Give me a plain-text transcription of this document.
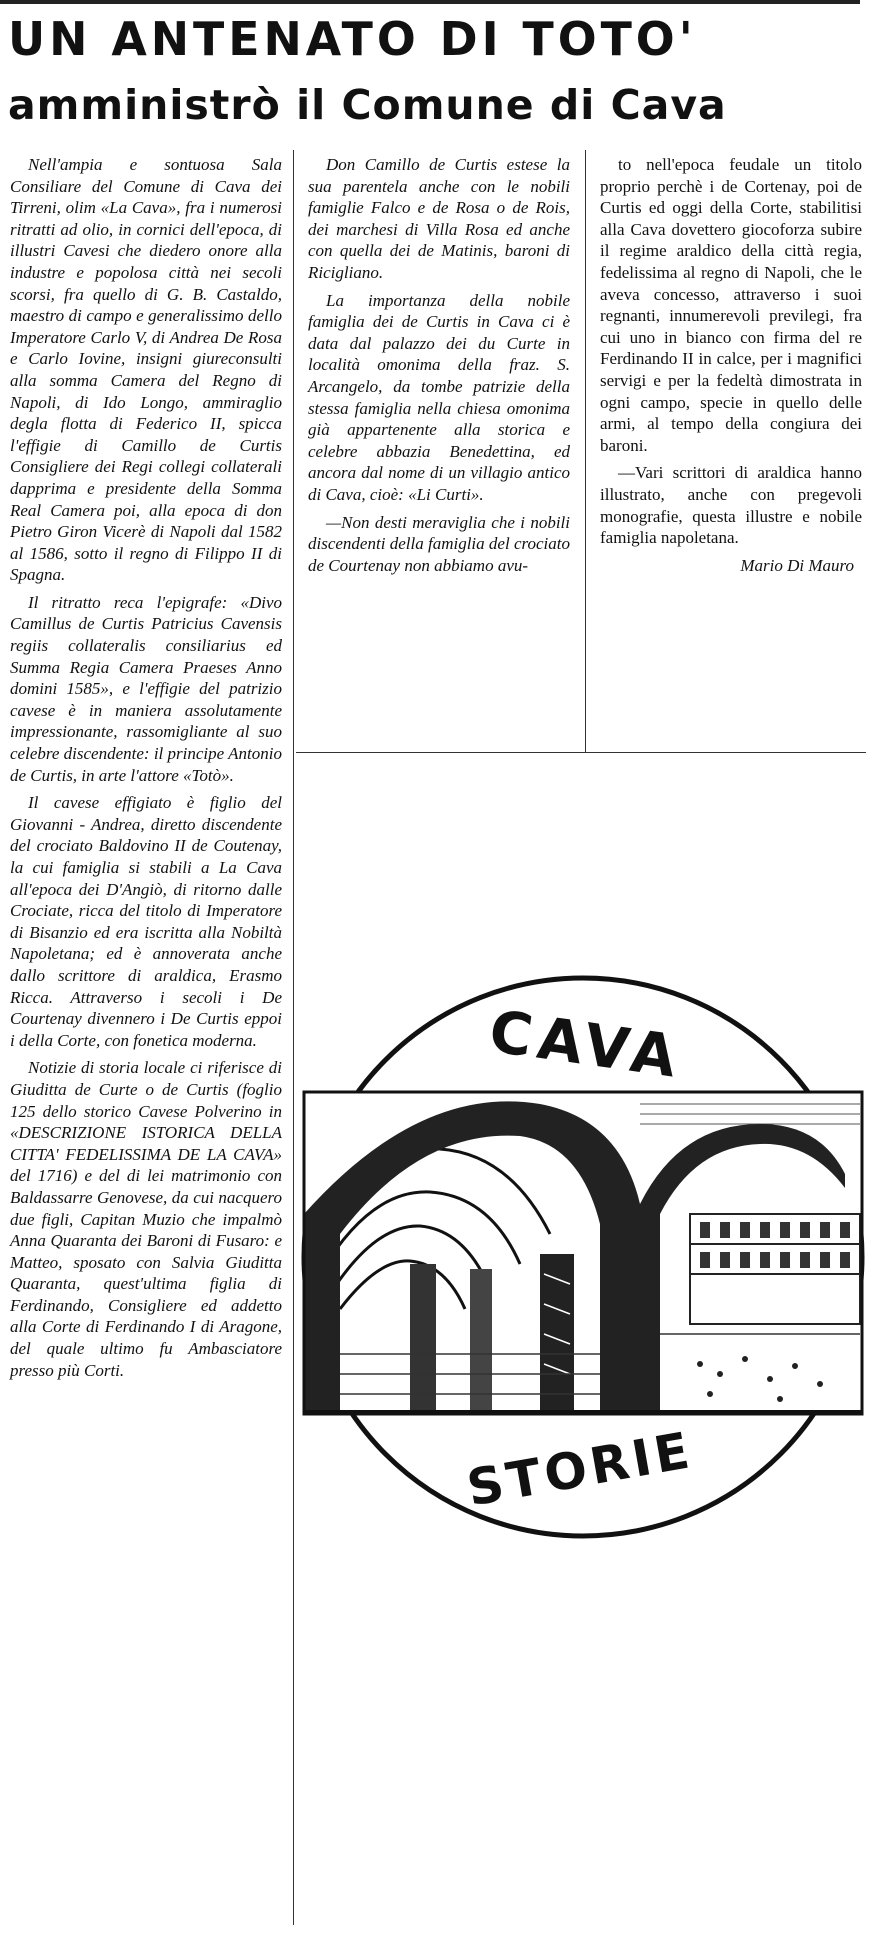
UN ANTENATO DI TOTO'
amministrò il Comune di Cava

Nell'ampia e sontuosa Sala Consiliare del Comune di Cava dei Tirreni, olim «La Cava», fra i numerosi ritratti ad olio, in cornici dell'epoca, di illustri Cavesi che diedero onore alla industre e popolosa città nei secoli scorsi, fra quello di G. B. Castaldo, maestro di campo e generalissimo dello Imperatore Carlo V, di Andrea De Rosa e Carlo Iovine, insigni giureconsulti alla somma Camera del Regno di Napoli, di Ido Longo, ammiraglio degla flotta di Federico II, spicca l'effigie di Camillo de Curtis Consigliere dei Regi collegi collaterali dapprima e presidente della Somma Real Camera poi, alla epoca di don Pietro Giron Vicerè di Napoli dal 1582 al 1586, sotto il regno di Filippo II di Spagna.

Il ritratto reca l'epigrafe: «Divo Camillus de Curtis Patricius Cavensis regiis collateralis consiliarius ed Summa Regia Camera Praeses Anno domini 1585», e l'effigie del patrizio cavese è in maniera assolutamente impressionante, rassomigliante al suo celebre discendente: il principe Antonio de Curtis, in arte l'attore «Totò».

Il cavese effigiato è figlio del Giovanni - Andrea, diretto discendente del crociato Baldovino II de Coutenay, la cui famiglia si stabili a La Cava all'epoca dei D'Angiò, di ritorno dalle Crociate, ricca del titolo di Imperatore di Bisanzio ed era iscritta alla Nobiltà Napoletana; ed è annoverata anche dallo scrittore di araldica, Erasmo Ricca. Attraverso i secoli i De Courtenay divennero i De Curtis eppoi i della Corte, con fonetica moderna.

Notizie di storia locale ci riferisce di Giuditta de Curte o de Curtis (foglio 125 dello storico Cavese Polverino in «DESCRIZIONE ISTORICA DELLA CITTA' FEDELISSIMA DE LA CAVA» del 1716) e del di lei matrimonio con Baldassarre Genovese, da cui nacquero due figli, Capitan Muzio che impalmò Anna Quaranta dei Baroni di Fusaro: e Matteo, sposato con Salvia Giuditta Quaranta, quest'ultima figlia di Ferdinando, Consigliere ed addetto alla Corte di Ferdinando I di Aragone, del quale ultimo fu Ambasciatore presso più Corti.

Don Camillo de Curtis estese la sua parentela anche con le nobili famiglie Falco e de Rosa o de Rois, dei marchesi di Villa Rosa ed anche con quella dei de Matinis, baroni di Ricigliano.

La importanza della nobile famiglia dei de Curtis in Cava ci è data dal palazzo dei du Curte in località omonima della fraz. S. Arcangelo, da tombe patrizie della stessa famiglia nella chiesa omonima già appartenente alla storica e celebre abbazia Benedettina, ed ancora dal nome di un villagio antico di Cava, cioè: «Li Curti».

—Non desti meraviglia che i nobili discendenti della famiglia del crociato de Courtenay non abbiamo avu-

to nell'epoca feudale un titolo proprio perchè i de Cortenay, poi de Curtis ed oggi della Corte, stabilitisi alla Cava dovettero giocoforza subire il regime araldico della città regia, fedelissima al regno di Napoli, che le aveva concesso, attraverso i suoi regnanti, innumerevoli previlegi, fra cui uno in bianco con firma del re Ferdinando II in calce, per i magnifici servigi e per la fedeltà dimostrata in ogni campo, specie in quello delle armi, al tempo della congiura dei baroni.

—Vari scrittori di araldica hanno illustrato, anche con pregevoli monografie, questa illustre e nobile famiglia napoletana.

Mario Di Mauro
CAVA
STORIE
